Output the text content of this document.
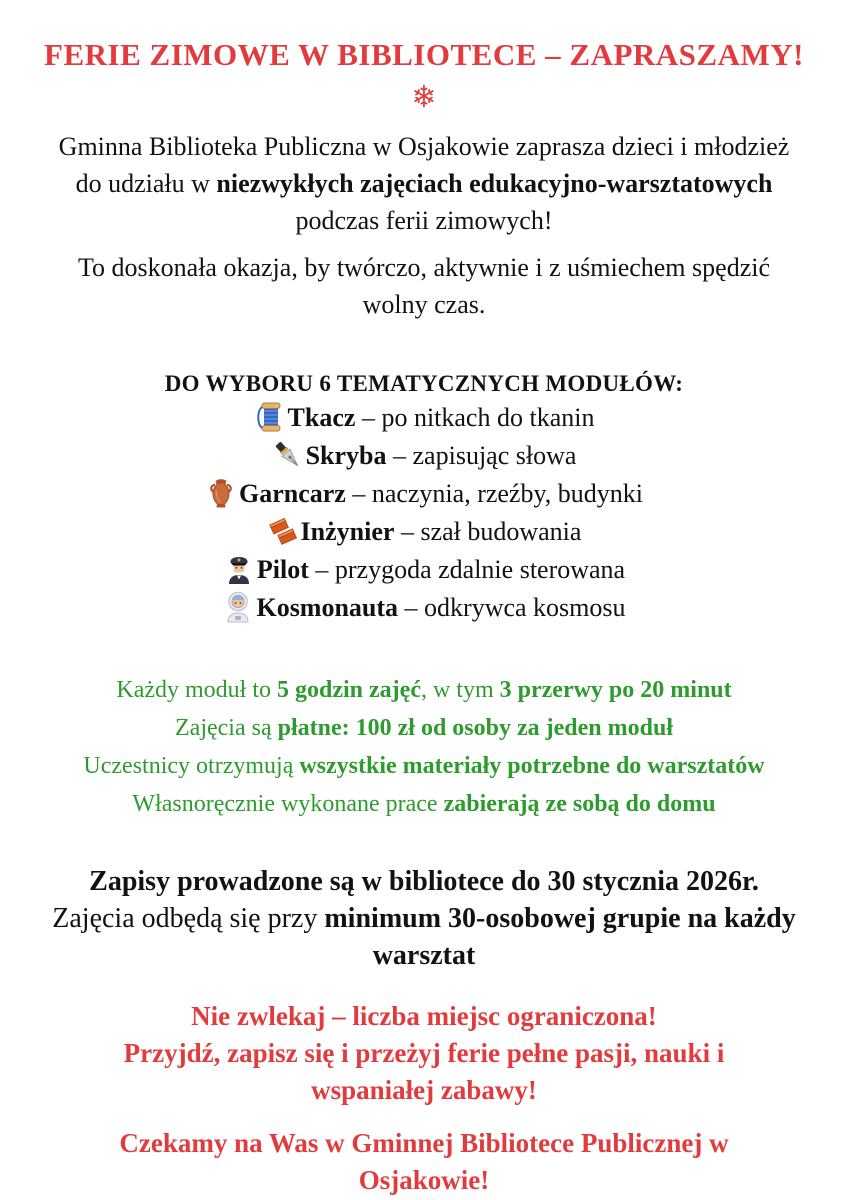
FERIE ZIMOWE W BIBLIOTECE – ZAPRASZAMY!
❄

Gminna Biblioteka Publiczna w Osjakowie zaprasza dzieci i młodzież do udziału w niezwykłych zajęciach edukacyjno-warsztatowych podczas ferii zimowych!

To doskonała okazja, by twórczo, aktywnie i z uśmiechem spędzić wolny czas.

DO WYBORU 6 TEMATYCZNYCH MODUŁÓW:
Tkacz – po nitkach do tkanin
Skryba – zapisując słowa
Garncarz – naczynia, rzeźby, budynki
Inżynier – szał budowania
Pilot – przygoda zdalnie sterowana
Kosmonauta – odkrywca kosmosu

Każdy moduł to 5 godzin zajęć, w tym 3 przerwy po 20 minut

Zajęcia są płatne: 100 zł od osoby za jeden moduł

Uczestnicy otrzymują wszystkie materiały potrzebne do warsztatów

Własnoręcznie wykonane prace zabierają ze sobą do domu

Zapisy prowadzone są w bibliotece do 30 stycznia 2026r.

Zajęcia odbędą się przy minimum 30-osobowej grupie na każdy warsztat

Nie zwlekaj – liczba miejsc ograniczona!

Przyjdź, zapisz się i przeżyj ferie pełne pasji, nauki i wspaniałej zabawy!

Czekamy na Was w Gminnej Bibliotece Publicznej w Osjakowie!
